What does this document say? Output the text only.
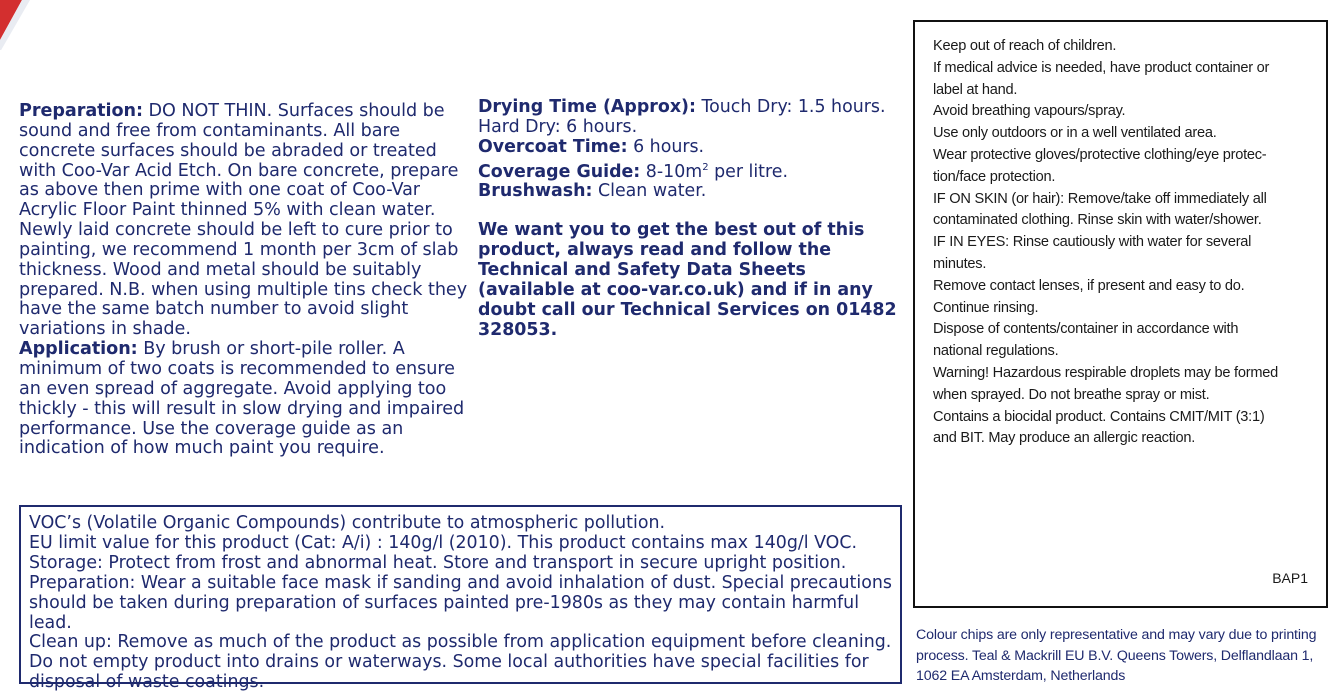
Preparation: DO NOT THIN. Surfaces should be sound and free from contaminants. All bare concrete surfaces should be abraded or treated with Coo-Var Acid Etch. On bare concrete, prepare as above then prime with one coat of Coo-Var Acrylic Floor Paint thinned 5% with clean water. Newly laid concrete should be left to cure prior to painting, we recommend 1 month per 3cm of slab thickness. Wood and metal should be suitably prepared. N.B. when using multiple tins check they have the same batch number to avoid slight variations in shade.

Application: By brush or short-pile roller. A minimum of two coats is recommended to ensure an even spread of aggregate. Avoid applying too thickly - this will result in slow drying and impaired performance. Use the coverage guide as an indication of how much paint you require.

Drying Time (Approx): Touch Dry: 1.5 hours. Hard Dry: 6 hours.

Overcoat Time: 6 hours.

Coverage Guide: $8-10m^2$ per litre.

Brushwash: Clean water.

We want you to get the best out of this product, always read and follow the Technical and Safety Data Sheets (available at coo-var.co.uk) and if in any doubt call our Technical Services on 01482 328053.

VOC’s (Volatile Organic Compounds) contribute to atmospheric pollution.
EU limit value for this product (Cat: A/i) : 140g/l (2010). This product contains max 140g/l VOC.
Storage: Protect from frost and abnormal heat. Store and transport in secure upright position.
Preparation: Wear a suitable face mask if sanding and avoid inhalation of dust. Special precautions
should be taken during preparation of surfaces painted pre-1980s as they may contain harmful lead.
Clean up: Remove as much of the product as possible from application equipment before cleaning.
Do not empty product into drains or waterways. Some local authorities have special facilities for
disposal of waste coatings.
Keep out of reach of children.
If medical advice is needed, have product container or
label at hand.
Avoid breathing vapours/spray.
Use only outdoors or in a well ventilated area.
Wear protective gloves/protective clothing/eye protec-
tion/face protection.
IF ON SKIN (or hair): Remove/take off immediately all
contaminated clothing. Rinse skin with water/shower.
IF IN EYES: Rinse cautiously with water for several
minutes.
Remove contact lenses, if present and easy to do.
Continue rinsing.
Dispose of contents/container in accordance with
national regulations.
Warning! Hazardous respirable droplets may be formed
when sprayed. Do not breathe spray or mist.
Contains a biocidal product. Contains CMIT/MIT (3:1)
and BIT. May produce an allergic reaction.
BAP1
Colour chips are only representative and may vary due to printing process. Teal & Mackrill EU B.V. Queens Towers, Delflandlaan 1, 1062 EA Amsterdam, Netherlands
